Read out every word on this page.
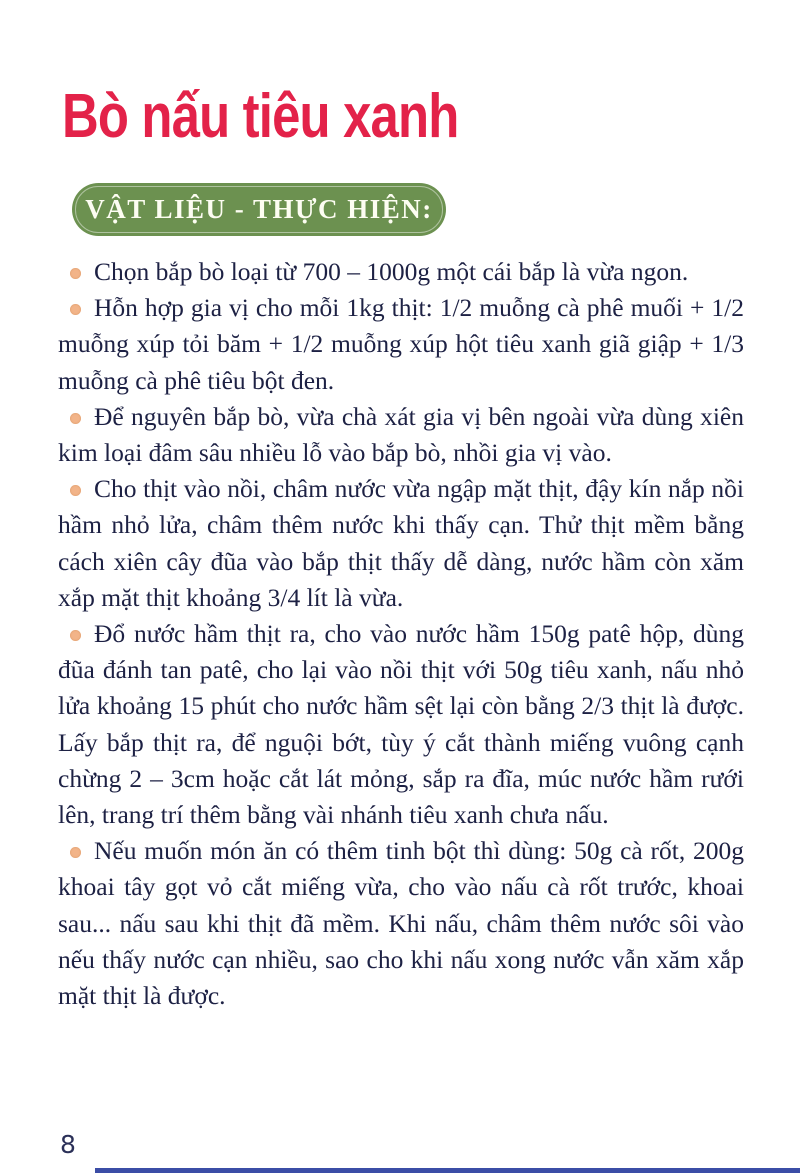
Bò nấu tiêu xanh
VẬT LIỆU - THỰC HIỆN:

Chọn bắp bò loại từ 700 – 1000g một cái bắp là vừa ngon.

Hỗn hợp gia vị cho mỗi 1kg thịt: 1/2 muỗng cà phê muối + 1/2 muỗng xúp tỏi băm + 1/2 muỗng xúp hột tiêu xanh giã giập + 1/3 muỗng cà phê tiêu bột đen.

Để nguyên bắp bò, vừa chà xát gia vị bên ngoài vừa dùng xiên kim loại đâm sâu nhiều lỗ vào bắp bò, nhồi gia vị vào.

Cho thịt vào nồi, châm nước vừa ngập mặt thịt, đậy kín nắp nồi hầm nhỏ lửa, châm thêm nước khi thấy cạn. Thử thịt mềm bằng cách xiên cây đũa vào bắp thịt thấy dễ dàng, nước hầm còn xăm xắp mặt thịt khoảng 3/4 lít là vừa.

Đổ nước hầm thịt ra, cho vào nước hầm 150g patê hộp, dùng đũa đánh tan patê, cho lại vào nồi thịt với 50g tiêu xanh, nấu nhỏ lửa khoảng 15 phút cho nước hầm sệt lại còn bằng 2/3 thịt là được. Lấy bắp thịt ra, để nguội bớt, tùy ý cắt thành miếng vuông cạnh chừng 2 – 3cm hoặc cắt lát mỏng, sắp ra đĩa, múc nước hầm rưới lên, trang trí thêm bằng vài nhánh tiêu xanh chưa nấu.

Nếu muốn món ăn có thêm tinh bột thì dùng: 50g cà rốt, 200g khoai tây gọt vỏ cắt miếng vừa, cho vào nấu cà rốt trước, khoai sau... nấu sau khi thịt đã mềm. Khi nấu, châm thêm nước sôi vào nếu thấy nước cạn nhiều, sao cho khi nấu xong nước vẫn xăm xắp mặt thịt là được.

8
